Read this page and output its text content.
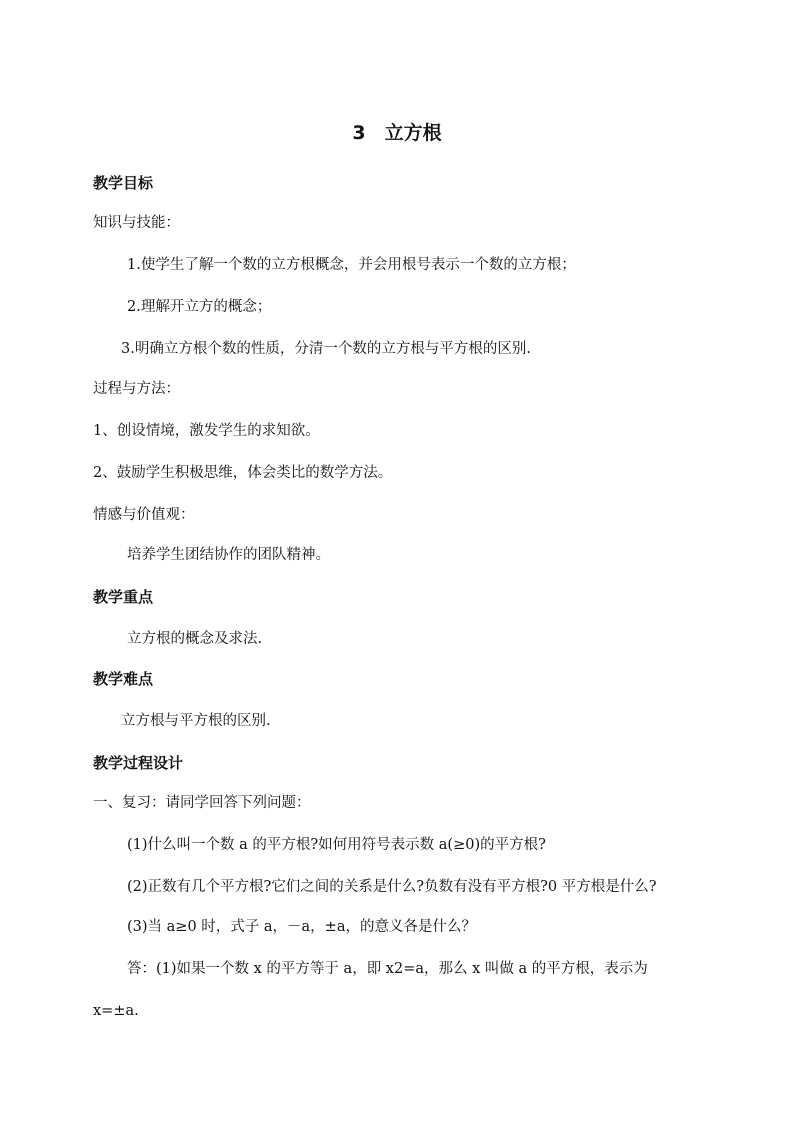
3　立方根
教学目标
知识与技能：
1.使学生了解一个数的立方根概念，并会用根号表示一个数的立方根；
2.理解开立方的概念；
3.明确立方根个数的性质，分清一个数的立方根与平方根的区别.
过程与方法：
1、创设情境，激发学生的求知欲。
2、鼓励学生积极思维，体会类比的数学方法。
情感与价值观：
培养学生团结协作的团队精神。
教学重点
立方根的概念及求法.
教学难点
立方根与平方根的区别.
教学过程设计
一、复习：请同学回答下列问题：
(1)什么叫一个数 a 的平方根?如何用符号表示数 a(≥0)的平方根?
(2)正数有几个平方根?它们之间的关系是什么?负数有没有平方根?0 平方根是什么?
(3)当 a≥0 时，式子 a，－a，±a，的意义各是什么？
答：(1)如果一个数 x 的平方等于 a，即 x2=a，那么 x 叫做 a 的平方根，表示为
x=±a.
